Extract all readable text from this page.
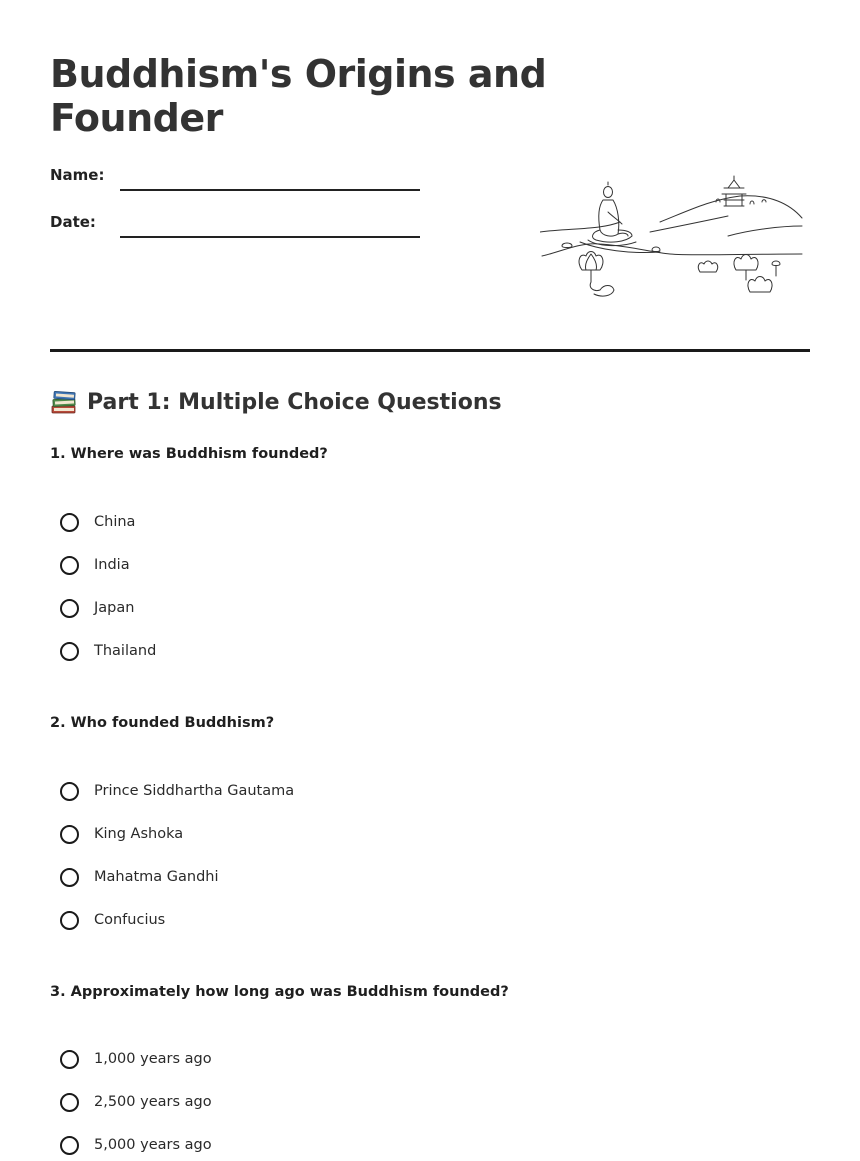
Buddhism's Origins and Founder
Name:
Date:
Part 1: Multiple Choice Questions

1. Where was Buddhism founded?

China
India
Japan
Thailand

2. Who founded Buddhism?

Prince Siddhartha Gautama
King Ashoka
Mahatma Gandhi
Confucius

3. Approximately how long ago was Buddhism founded?

1,000 years ago
2,500 years ago
5,000 years ago
